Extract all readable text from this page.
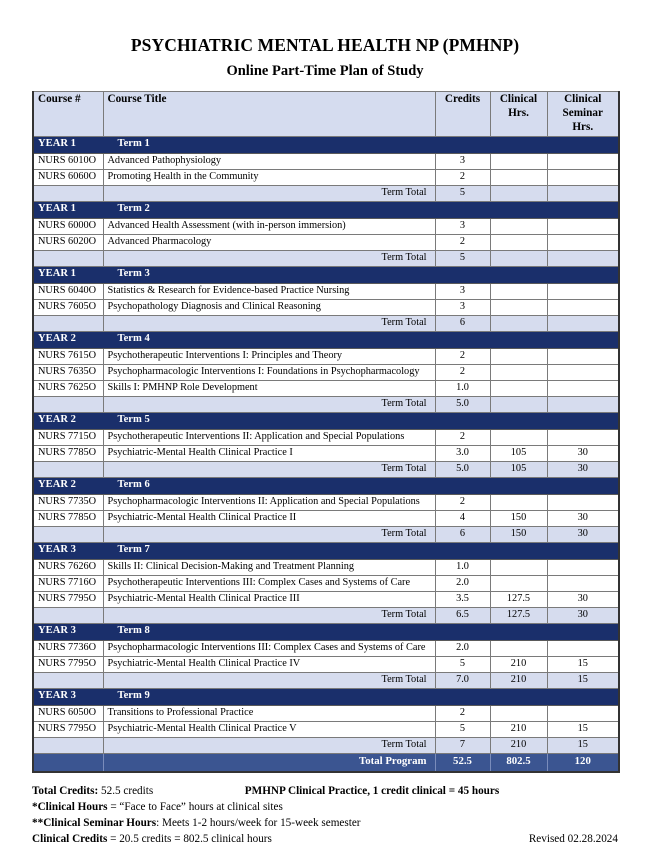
PSYCHIATRIC MENTAL HEALTH NP (PMHNP)
Online Part-Time Plan of Study
Course #	Course Title	Credits	Clinical Hrs.	Clinical Seminar Hrs.
YEAR 1	Term 1			
NURS 6010O	Advanced Pathophysiology	3		
NURS 6060O	Promoting Health in the Community	2		
	Term Total	5		
YEAR 1	Term 2			
NURS 6000O	Advanced Health Assessment (with in-person immersion)	3		
NURS 6020O	Advanced Pharmacology	2		
	Term Total	5		
YEAR 1	Term 3			
NURS 6040O	Statistics & Research for Evidence-based Practice Nursing	3		
NURS 7605O	Psychopathology Diagnosis and Clinical Reasoning	3		
	Term Total	6		
YEAR 2	Term 4			
NURS 7615O	Psychotherapeutic Interventions I: Principles and Theory	2		
NURS 7635O	Psychopharmacologic Interventions I: Foundations in Psychopharmacology	2		
NURS 7625O	Skills I: PMHNP Role Development	1.0		
	Term Total	5.0		
YEAR 2	Term 5			
NURS 7715O	Psychotherapeutic Interventions II: Application and Special Populations	2		
NURS 7785O	Psychiatric-Mental Health Clinical Practice I	3.0	105	30
	Term Total	5.0	105	30
YEAR 2	Term 6			
NURS 7735O	Psychopharmacologic Interventions II: Application and Special Populations	2		
NURS 7785O	Psychiatric-Mental Health Clinical Practice II	4	150	30
	Term Total	6	150	30
YEAR 3	Term 7			
NURS 7626O	Skills II: Clinical Decision-Making and Treatment Planning	1.0		
NURS 7716O	Psychotherapeutic Interventions III: Complex Cases and Systems of Care	2.0		
NURS 7795O	Psychiatric-Mental Health Clinical Practice III	3.5	127.5	30
	Term Total	6.5	127.5	30
YEAR 3	Term 8			
NURS 7736O	Psychopharmacologic Interventions III: Complex Cases and Systems of Care	2.0		
NURS 7795O	Psychiatric-Mental Health Clinical Practice IV	5	210	15
	Term Total	7.0	210	15
YEAR 3	Term 9			
NURS 6050O	Transitions to Professional Practice	2		
NURS 7795O	Psychiatric-Mental Health Clinical Practice V	5	210	15
	Term Total	7	210	15
	Total Program	52.5	802.5	120
Total Credits: 52.5 credits	PMHNP Clinical Practice, 1 credit clinical = 45 hours
*Clinical Hours = “Face to Face” hours at clinical sites
**Clinical Seminar Hours: Meets 1-2 hours/week for 15-week semester
Clinical Credits = 20.5 credits = 802.5 clinical hours	Revised 02.28.2024
